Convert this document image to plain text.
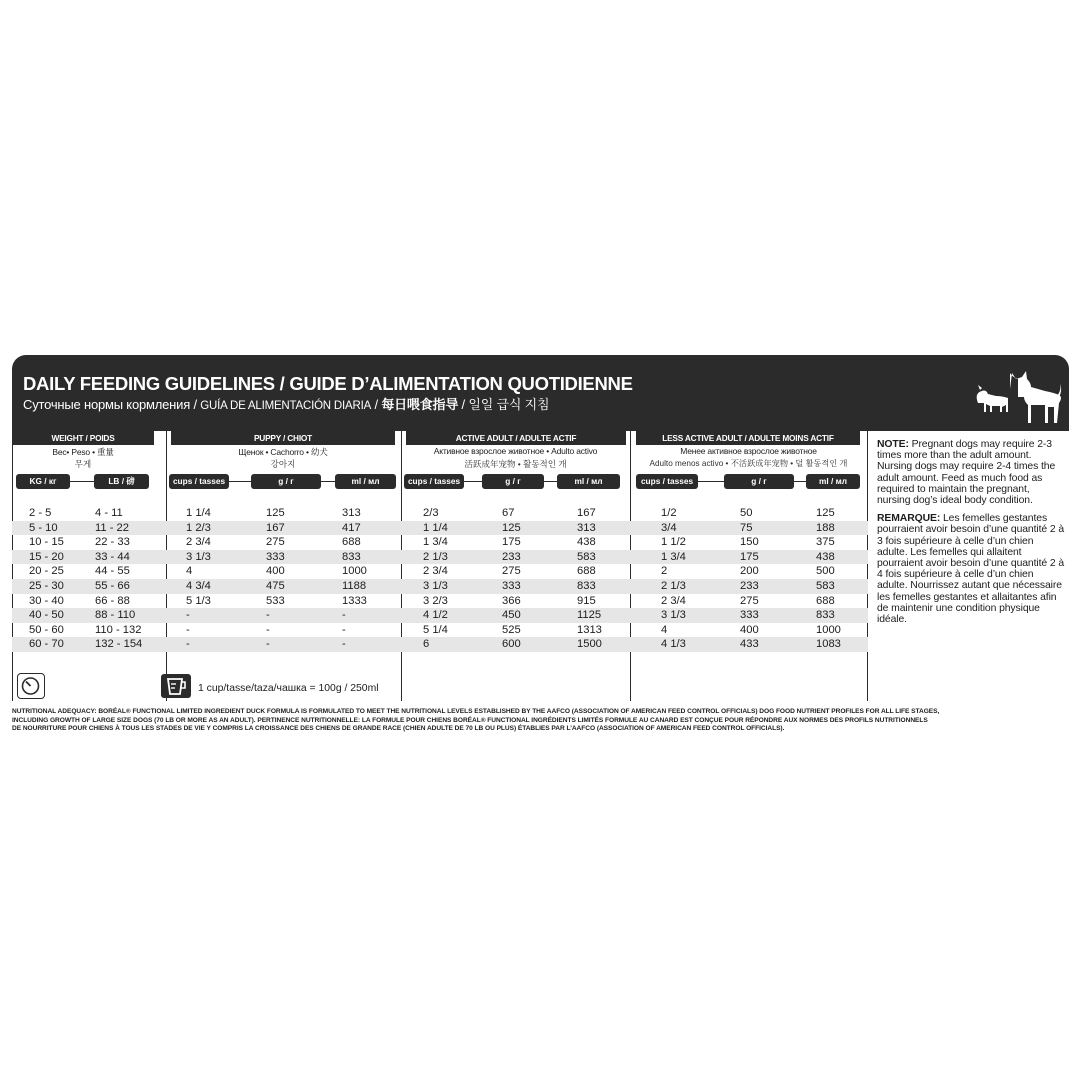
DAILY FEEDING GUIDELINES / GUIDE D’ALIMENTATION QUOTIDIENNE
Суточные нормы кормления / GUÍA DE ALIMENTACIÓN DIARIA / 每日喂食指导 / 일일 급식 지침
WEIGHT / POIDS
Вес• Peso • 重量
무게
KG / кг	LB / 磅
PUPPY / CHIOT
Щенок • Cachorro • 幼犬
강아지
cups / tasses	g / г	ml / мл
ACTIVE ADULT / ADULTE ACTIF
Активное взрослое животное • Adulto activo
活跃成年宠物 • 활동적인 개
cups / tasses	g / г	ml / мл
LESS ACTIVE ADULT / ADULTE MOINS ACTIF
Менее активное взрослое животное
Adulto menos activo • 不活跃成年宠物 • 덜 활동적인 개
cups / tasses	g / г	ml / мл
2 - 5	4 - 11	1 1/4	125	313	2/3	67	167	1/2	50	125
5 - 10	11 - 22	1 2/3	167	417	1 1/4	125	313	3/4	75	188
10 - 15	22 - 33	2 3/4	275	688	1 3/4	175	438	1 1/2	150	375
15 - 20	33 - 44	3 1/3	333	833	2 1/3	233	583	1 3/4	175	438
20 - 25	44 - 55	4	400	1000	2 3/4	275	688	2	200	500
25 - 30	55 - 66	4 3/4	475	1188	3 1/3	333	833	2 1/3	233	583
30 - 40	66 - 88	5 1/3	533	1333	3 2/3	366	915	2 3/4	275	688
40 - 50	88 - 110	-	-	-	4 1/2	450	1125	3 1/3	333	833
50 - 60	110 - 132	-	-	-	5 1/4	525	1313	4	400	1000
60 - 70	132 - 154	-	-	-	6	600	1500	4 1/3	433	1083

NOTE: Pregnant dogs may require 2-3 times more than the adult amount. Nursing dogs may require 2-4 times the adult amount. Feed as much food as required to maintain the pregnant, nursing dog’s ideal body condition.

REMARQUE: Les femelles gestantes pourraient avoir besoin d’une quantité 2 à 3 fois supérieure à celle d’un chien adulte. Les femelles qui allaitent pourraient avoir besoin d’une quantité 2 à 4 fois supérieure à celle d’un chien adulte. Nourrissez autant que nécessaire les femelles gestantes et allaitantes afin de maintenir une condition physique idéale.

1 cup/tasse/taza/чашка = 100g / 250ml
NUTRITIONAL ADEQUACY: BORÉAL® FUNCTIONAL LIMITED INGREDIENT DUCK FORMULA IS FORMULATED TO MEET THE NUTRITIONAL LEVELS ESTABLISHED BY THE AAFCO (ASSOCIATION OF AMERICAN FEED CONTROL OFFICIALS) DOG FOOD NUTRIENT PROFILES FOR ALL LIFE STAGES,
INCLUDING GROWTH OF LARGE SIZE DOGS (70 LB OR MORE AS AN ADULT). PERTINENCE NUTRITIONNELLE: LA FORMULE POUR CHIENS BORÉAL® FUNCTIONAL INGRÉDIENTS LIMITÉS FORMULE AU CANARD EST CONÇUE POUR RÉPONDRE AUX NORMES DES PROFILS NUTRITIONNELS
DE NOURRITURE POUR CHIENS À TOUS LES STADES DE VIE Y COMPRIS LA CROISSANCE DES CHIENS DE GRANDE RACE (CHIEN ADULTE DE 70 LB OU PLUS) ÉTABLIES PAR L’AAFCO (ASSOCIATION OF AMERICAN FEED CONTROL OFFICIALS).
